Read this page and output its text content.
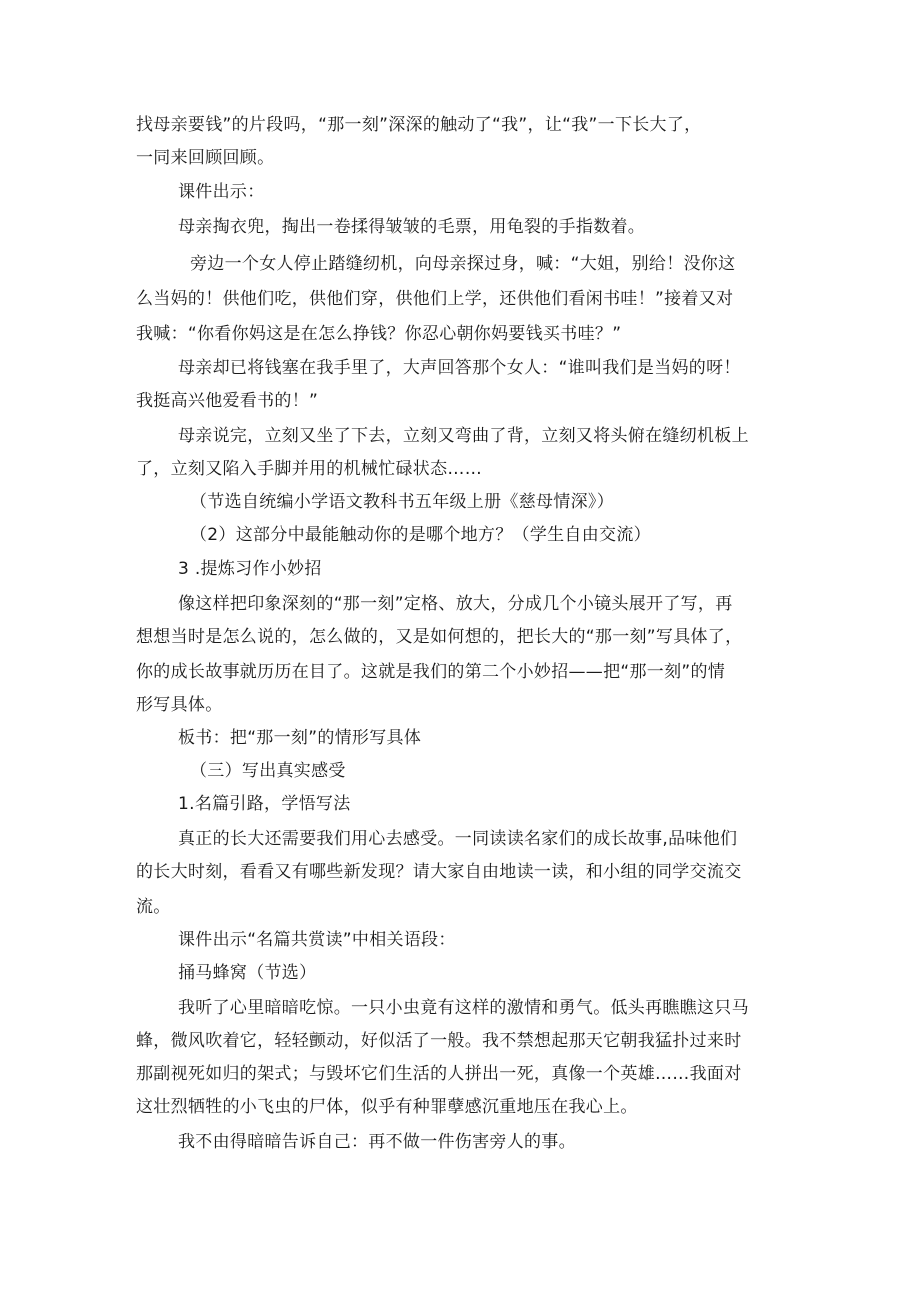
找母亲要钱”的片段吗，“那一刻”深深的触动了“我”，让“我”一下长大了，

一同来回顾回顾。

课件出示：

母亲掏衣兜，掏出一卷揉得皱皱的毛票，用龟裂的手指数着。

旁边一个女人停止踏缝纫机，向母亲探过身，喊：“大姐，别给！没你这

么当妈的！供他们吃，供他们穿，供他们上学，还供他们看闲书哇！”接着又对

我喊：“你看你妈这是在怎么挣钱？你忍心朝你妈要钱买书哇？”

母亲却已将钱塞在我手里了，大声回答那个女人：“谁叫我们是当妈的呀！

我挺高兴他爱看书的！”

母亲说完，立刻又坐了下去，立刻又弯曲了背，立刻又将头俯在缝纫机板上

了，立刻又陷入手脚并用的机械忙碌状态……

（节选自统编小学语文教科书五年级上册《慈母情深》）

（2）这部分中最能触动你的是哪个地方？（学生自由交流）

3 .提炼习作小妙招

像这样把印象深刻的“那一刻”定格、放大，分成几个小镜头展开了写，再

想想当时是怎么说的，怎么做的，又是如何想的，把长大的“那一刻”写具体了，

你的成长故事就历历在目了。这就是我们的第二个小妙招——把“那一刻”的情

形写具体。

板书：把“那一刻”的情形写具体

（三）写出真实感受

1.名篇引路，学悟写法

真正的长大还需要我们用心去感受。一同读读名家们的成长故事,品味他们

的长大时刻，看看又有哪些新发现？请大家自由地读一读，和小组的同学交流交

流。

课件出示“名篇共赏读”中相关语段：

捅马蜂窝（节选）

我听了心里暗暗吃惊。一只小虫竟有这样的激情和勇气。低头再瞧瞧这只马

蜂，微风吹着它，轻轻颤动，好似活了一般。我不禁想起那天它朝我猛扑过来时

那副视死如归的架式；与毁坏它们生活的人拼出一死，真像一个英雄……我面对

这壮烈牺牲的小飞虫的尸体，似乎有种罪孽感沉重地压在我心上。

我不由得暗暗告诉自己：再不做一件伤害旁人的事。
